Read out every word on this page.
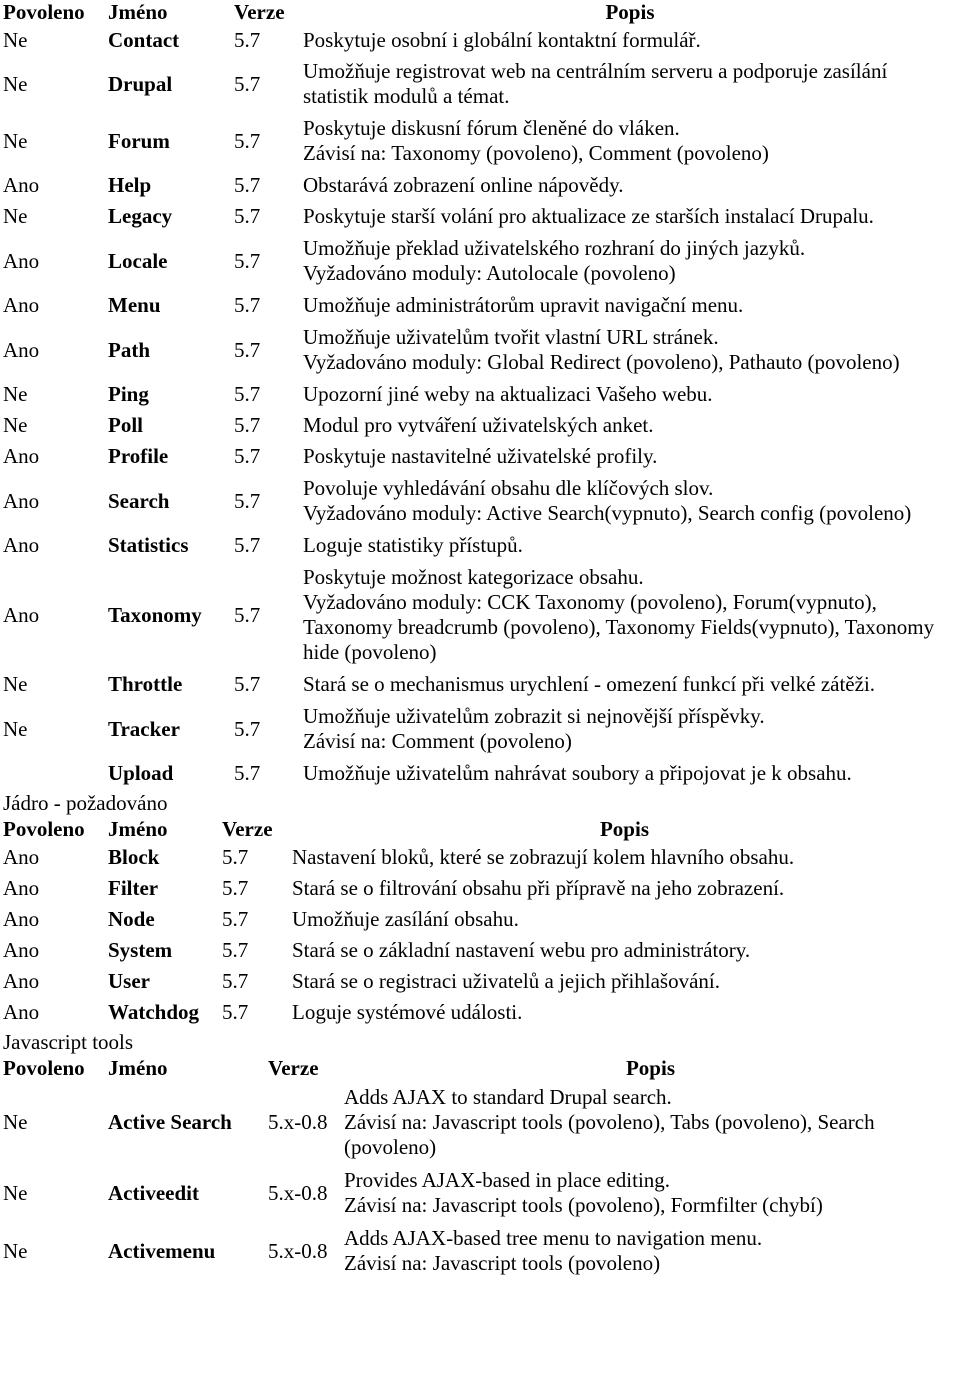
Povoleno	Jméno	Verze	Popis
Ne	Contact	5.7	Poskytuje osobní i globální kontaktní formulář.

Ne	Drupal	5.7	Umožňuje registrovat web na centrálním serveru a podporuje zasílání statistik modulů a témat.

Ne	Forum	5.7	Poskytuje diskusní fórum členěné do vláken.
Závisí na: Taxonomy (povoleno), Comment (povoleno)

Ano	Help	5.7	Obstarává zobrazení online nápovědy.

Ne	Legacy	5.7	Poskytuje starší volání pro aktualizace ze starších instalací Drupalu.

Ano	Locale	5.7	Umožňuje překlad uživatelského rozhraní do jiných jazyků.
Vyžadováno moduly: Autolocale (povoleno)

Ano	Menu	5.7	Umožňuje administrátorům upravit navigační menu.

Ano	Path	5.7	Umožňuje uživatelům tvořit vlastní URL stránek.
Vyžadováno moduly: Global Redirect (povoleno), Pathauto (povoleno)

Ne	Ping	5.7	Upozorní jiné weby na aktualizaci Vašeho webu.

Ne	Poll	5.7	Modul pro vytváření uživatelských anket.

Ano	Profile	5.7	Poskytuje nastavitelné uživatelské profily.

Ano	Search	5.7	Povoluje vyhledávání obsahu dle klíčových slov.
Vyžadováno moduly: Active Search(vypnuto), Search config (povoleno)

Ano	Statistics	5.7	Loguje statistiky přístupů.

Ano	Taxonomy	5.7	Poskytuje možnost kategorizace obsahu.
Vyžadováno moduly: CCK Taxonomy (povoleno), Forum(vypnuto), Taxonomy breadcrumb (povoleno), Taxonomy Fields(vypnuto), Taxonomy hide (povoleno)

Ne	Throttle	5.7	Stará se o mechanismus urychlení - omezení funkcí při velké zátěži.

Ne	Tracker	5.7	Umožňuje uživatelům zobrazit si nejnovější příspěvky.
Závisí na: Comment (povoleno)

	Upload	5.7	Umožňuje uživatelům nahrávat soubory a připojovat je k obsahu.
Jádro - požadováno
Povoleno	Jméno	Verze	Popis
Ano	Block	5.7	Nastavení bloků, které se zobrazují kolem hlavního obsahu.

Ano	Filter	5.7	Stará se o filtrování obsahu při přípravě na jeho zobrazení.

Ano	Node	5.7	Umožňuje zasílání obsahu.

Ano	System	5.7	Stará se o základní nastavení webu pro administrátory.

Ano	User	5.7	Stará se o registraci uživatelů a jejich přihlašování.

Ano	Watchdog	5.7	Loguje systémové události.
Javascript tools
Povoleno	Jméno	Verze	Popis
Ne	Active Search	5.x-0.8	Adds AJAX to standard Drupal search.
Závisí na: Javascript tools (povoleno), Tabs (povoleno), Search (povoleno)

Ne	Activeedit	5.x-0.8	Provides AJAX-based in place editing.
Závisí na: Javascript tools (povoleno), Formfilter (chybí)

Ne	Activemenu	5.x-0.8	Adds AJAX-based tree menu to navigation menu.
Závisí na: Javascript tools (povoleno)
